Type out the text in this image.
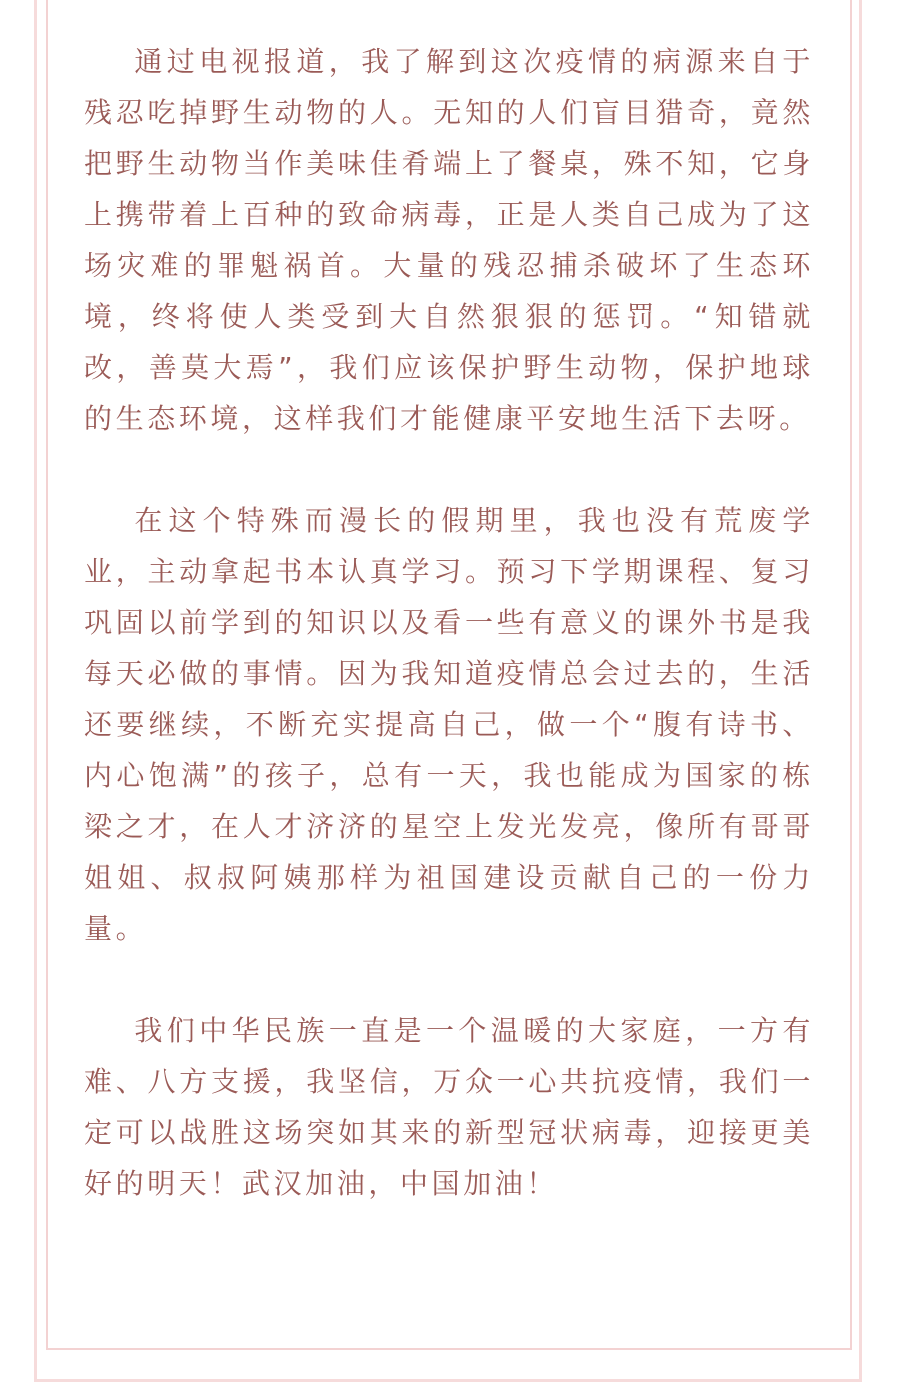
通过电视报道，我了解到这次疫情的病源来自于残忍吃掉野生动物的人。无知的人们盲目猎奇，竟然把野生动物当作美味佳肴端上了餐桌，殊不知，它身上携带着上百种的致命病毒，正是人类自己成为了这场灾难的罪魁祸首。大量的残忍捕杀破坏了生态环境，终将使人类受到大自然狠狠的惩罚。“知错就改，善莫大焉”，我们应该保护野生动物，保护地球的生态环境，这样我们才能健康平安地生活下去呀。

在这个特殊而漫长的假期里，我也没有荒废学业，主动拿起书本认真学习。预习下学期课程、复习巩固以前学到的知识以及看一些有意义的课外书是我每天必做的事情。因为我知道疫情总会过去的，生活还要继续，不断充实提高自己，做一个“腹有诗书、内心饱满”的孩子，总有一天，我也能成为国家的栋梁之才，在人才济济的星空上发光发亮，像所有哥哥姐姐、叔叔阿姨那样为祖国建设贡献自己的一份力量。

我们中华民族一直是一个温暖的大家庭，一方有难、八方支援，我坚信，万众一心共抗疫情，我们一定可以战胜这场突如其来的新型冠状病毒，迎接更美好的明天！武汉加油，中国加油！
